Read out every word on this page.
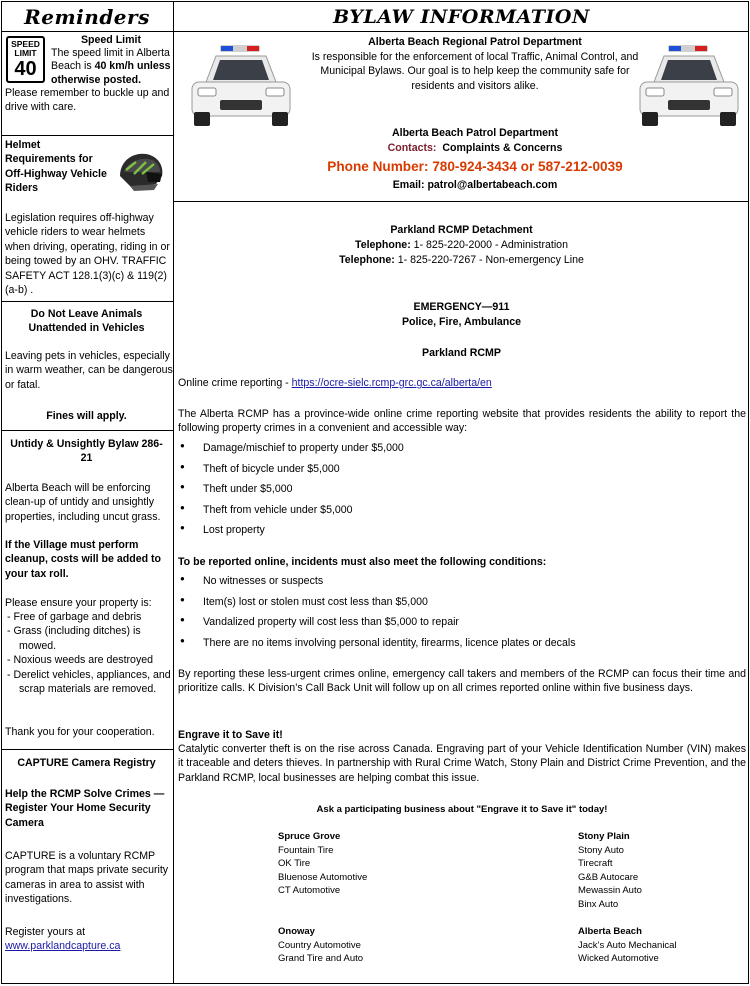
Reminders	BYLAW INFORMATION
SPEED LIMIT
40
Speed Limit
The speed limit in Alberta Beach is 40 km/h unless otherwise posted. Please remember to buckle up and drive with care.
Helmet Requirements for Off-Highway Vehicle Riders
Legislation requires off-highway vehicle riders to wear helmets when driving, operating, riding in or being towed by an OHV. TRAFFIC SAFETY ACT 128.1(3)(c) & 119(2)(a-b) .
Do Not Leave Animals Unattended in Vehicles
Leaving pets in vehicles, especially in warm weather, can be dangerous or fatal.
Fines will apply.
Untidy & Unsightly Bylaw 286-21
Alberta Beach will be enforcing clean-up of untidy and unsightly properties, including uncut grass.
If the Village must perform cleanup, costs will be added to your tax roll.
Please ensure your property is:
- Free of garbage and debris
- Grass (including ditches) is mowed.
- Noxious weeds are destroyed
- Derelict vehicles, appliances, and scrap materials are removed.
Thank you for your cooperation.
CAPTURE Camera Registry
Help the RCMP Solve Crimes — Register Your Home Security Camera
CAPTURE is a voluntary RCMP program that maps private security cameras in area to assist with investigations.
Register yours at
www.parklandcapture.ca
Alberta Beach Regional Patrol Department
Is responsible for the enforcement of local Traffic, Animal Control, and Municipal Bylaws. Our goal is to help keep the community safe for residents and visitors alike.
Alberta Beach Patrol Department
Contacts: Complaints & Concerns
Phone Number: 780-924-3434 or 587-212-0039
Email: patrol@albertabeach.com
Parkland RCMP Detachment
Telephone: 1- 825-220-2000 - Administration
Telephone: 1- 825-220-7267 - Non-emergency Line
EMERGENCY—911
Police, Fire, Ambulance
Parkland RCMP
Online crime reporting - https://ocre-sielc.rcmp-grc.gc.ca/alberta/en
The Alberta RCMP has a province-wide online crime reporting website that provides residents the ability to report the following property crimes in a convenient and accessible way:
● Damage/mischief to property under $5,000
● Theft of bicycle under $5,000
● Theft under $5,000
● Theft from vehicle under $5,000
● Lost property
To be reported online, incidents must also meet the following conditions:
● No witnesses or suspects
● Item(s) lost or stolen must cost less than $5,000
● Vandalized property will cost less than $5,000 to repair
● There are no items involving personal identity, firearms, licence plates or decals
By reporting these less-urgent crimes online, emergency call takers and members of the RCMP can focus their time and prioritize calls. K Division’s Call Back Unit will follow up on all crimes reported online within five business days.
Engrave it to Save it!
Catalytic converter theft is on the rise across Canada. Engraving part of your Vehicle Identification Number (VIN) makes it traceable and deters thieves. In partnership with Rural Crime Watch, Stony Plain and District Crime Prevention, and the Parkland RCMP, local businesses are helping combat this issue.
Ask a participating business about "Engrave it to Save it" today!
Spruce Grove
Fountain Tire
OK Tire
Bluenose Automotive
CT Automotive
Stony Plain
Stony Auto
Tirecraft
G&B Autocare
Mewassin Auto
Binx Auto
Onoway
Country Automotive
Grand Tire and Auto
Alberta Beach
Jack’s Auto Mechanical
Wicked Automotive
